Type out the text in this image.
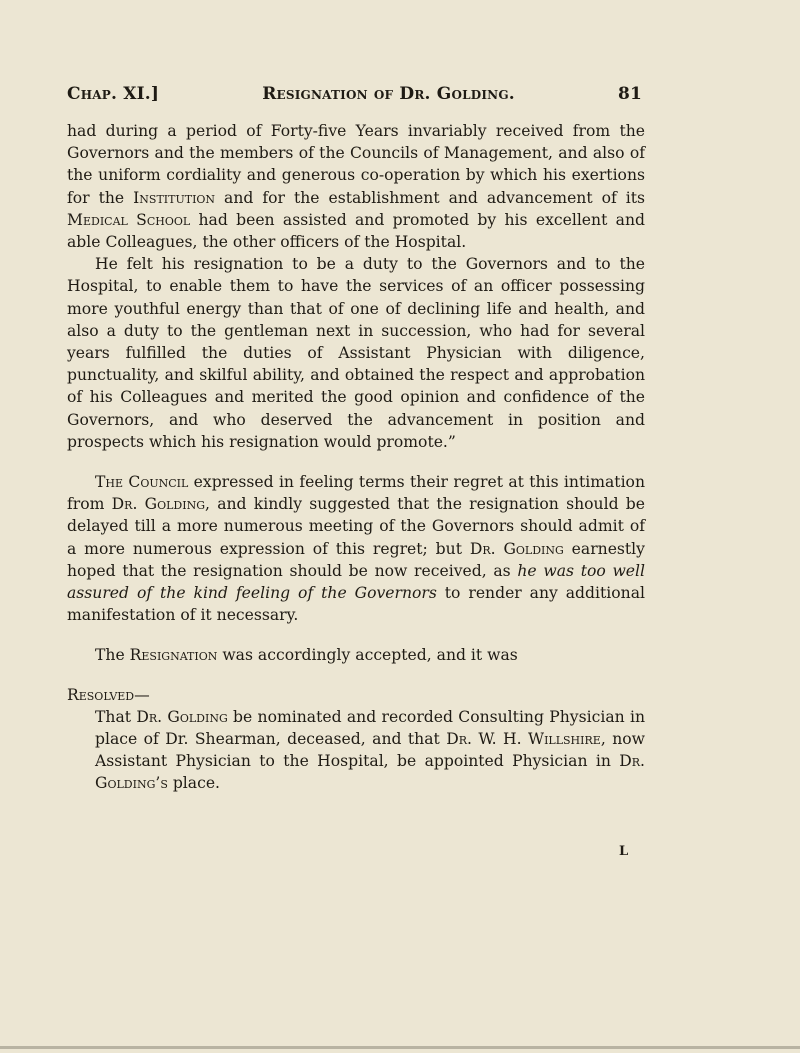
Chap. XI.]	Resignation of Dr. Golding.	81

had during a period of Forty-five Years invariably received from the Governors and the members of the Councils of Management, and also of the uniform cordiality and generous co-operation by which his exertions for the Institution and for the establishment and advancement of its Medical School had been assisted and promoted by his excellent and able Colleagues, the other officers of the Hospital.

He felt his resignation to be a duty to the Governors and to the Hospital, to enable them to have the services of an officer possessing more youthful energy than that of one of declining life and health, and also a duty to the gentleman next in succession, who had for several years fulfilled the duties of Assistant Physician with diligence, punctuality, and skilful ability, and obtained the respect and approbation of his Colleagues and merited the good opinion and confidence of the Governors, and who deserved the advancement in position and prospects which his resignation would promote.”

The Council expressed in feeling terms their regret at this intimation from Dr. Golding, and kindly suggested that the resignation should be delayed till a more numerous meeting of the Governors should admit of a more numerous expression of this regret; but Dr. Golding earnestly hoped that the resignation should be now received, as he was too well assured of the kind feeling of the Governors to render any additional manifestation of it necessary.

The Resignation was accordingly accepted, and it was

Resolved—

That Dr. Golding be nominated and recorded Consulting Physician in place of Dr. Shearman, deceased, and that Dr. W. H. Willshire, now Assistant Physician to the Hospital, be appointed Physician in Dr. Golding’s place.

L
